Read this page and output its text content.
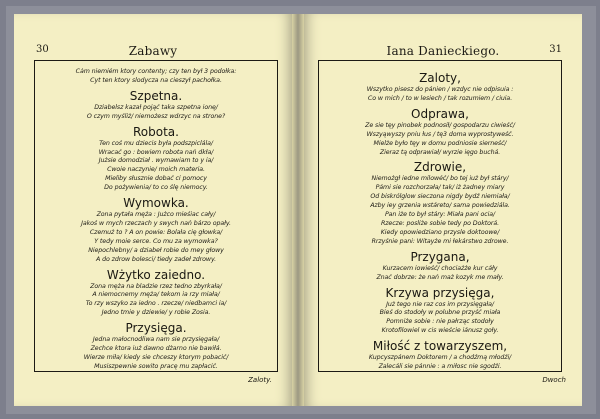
30	Zabawy
Cȧm niemiém ktory contenty; czy ten był 3 podołka:
Cyt ten ktory slodycza na cieszył pachołka.
Szpetna.
Dziabelsz kazał pojąć taka szpetna ionę/
O czym myśliż/ niemożesz wdrzyc na strone?
Robota.
Ten coś mu dziecis była podszpiclála/
Wracać go : bowiem robota nań dkła/
Jużsie domodział . wymawiam to y ia/
Cwoie naczynie/ moich materia.
Mieliby słusznie dobać ci pomocy
Do pożywienia/ to co ślę niemocy.
Wymowka.
Zona pytała męża : Jużco mieśiac cały/
Jakoś w mych rzeczach y swych nań bárzo opały.
Czemuż to ? A on powie: Bolała cię głowka/
Y tedy moie serce. Co mu za wymowka?
Niepochlebny/ a dziabeł robie do mey głowy
A do zdrow bolesci/ tiedy zadeł zdrowy.
Wżytko zaiedno.
Zona męża na bladzie rzez tedno zbyrkała/
A niemocnemy męża/ tekom ia rzy miała/
To rzy wszyko za iedno . rzecze/ niedbamci ia/
Jedno tmie y dziewie/ y robie Zosia.
Przysięga.
Jedna małocnodliwa nam sie przysięgała/
Zechce ktora iuż dawno dżarno nie bawiłá.
Wierze miła/ kiedy sie chceszy ktorym pobacić/
Musiszpewnie sowito pracę mu zapłacić.
Zaloty.
Iana Danieckiego.	31
Zaloty,
Wszytko pisesz do pánien / wzdyc nie odpisuia :
Co w mich / to w lesiech / tak rozumiem / ciuia.
Odprawa,
Ze sie tęy pinobek podnosił/ gospodarzu ciwieść/
Wszyąwyszy pniu łus / tę3 doma wyprostyweść.
Mielże było tęy w domu podniosie sierneść/
Zieraz tą odprawiał/ wyrzie ięgo buchá.
Zdrowie,
Niemożgł iedne milowéć/ bo tej iuż był stáry/
Pámi sie rozchorzała/ tak/ iż żadney miary
Od biskrólglow sieczona nigdy bydź niemiała/
Azby iey grzenia wstáreto/ sama powiedziála.
Pan iże to był stáry: Miała pani ocia/
Rzecze: posliże sobie tedy po Doktorá.
Kiedy opowiedziano przysle doktoowe/
Rrzyśnie pani: Witayże mi łekárstwo zdrowe.
Przygana,
Kurzacem iowieść/ chociażże kur cáły
Znać dobrze: że nań maż kozyk me mały.
Krzywa przysięga,
Już tego nie raz cos im przysięgała/
Bieś do stodoły w polubne przyść miała
Pomniże sobie : nie pałrząc stodoły
Krotofilowiel w cis wieście iánusz goły.
Miłość z towarzyszem,
Kupcyszpánem Doktorem / a chodźmą młodźi/
Zalecáli sie pánnie : a miłosc nie sgodźi.
Dwoch
